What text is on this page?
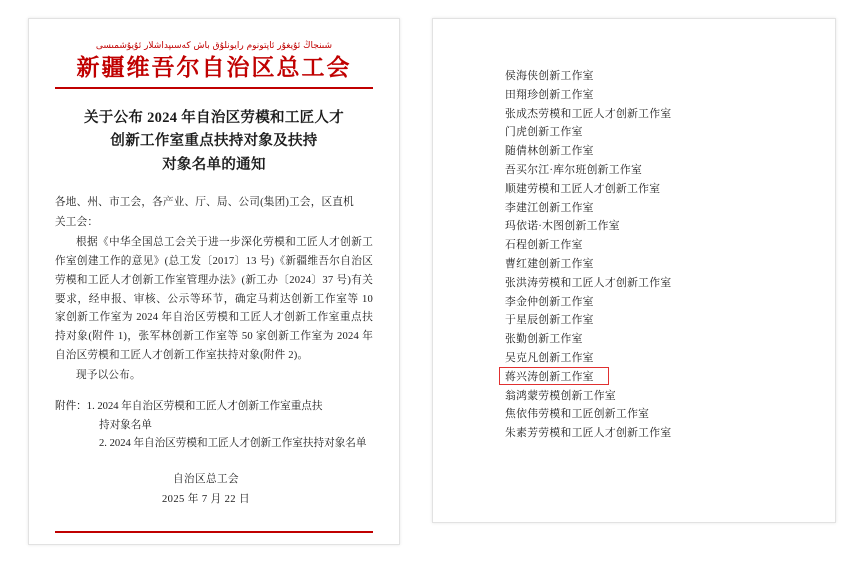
شىنجاڭ ئۇيغۇر ئاپتونوم رايونلۇق باش كەسىپداشلار ئۇيۇشمىسى
新疆维吾尔自治区总工会
关于公布 2024 年自治区劳模和工匠人才
创新工作室重点扶持对象及扶持
对象名单的通知

各地、州、市工会，各产业、厅、局、公司(集团)工会，区直机

关工会：

根据《中华全国总工会关于进一步深化劳模和工匠人才创新工作室创建工作的意见》(总工发〔2017〕13 号)《新疆维吾尔自治区劳模和工匠人才创新工作室管理办法》(新工办〔2024〕37 号)有关要求，经申报、审核、公示等环节，确定马莉达创新工作室等 10 家创新工作室为 2024 年自治区劳模和工匠人才创新工作室重点扶持对象(附件 1)，张军林创新工作室等 50 家创新工作室为 2024 年自治区劳模和工匠人才创新工作室扶持对象(附件 2)。

现予以公布。

附件：1. 2024 年自治区劳模和工匠人才创新工作室重点扶
持对象名单
2. 2024 年自治区劳模和工匠人才创新工作室扶持对象名单
自治区总工会
2025 年 7 月 22 日
侯海侠创新工作室
田翔珍创新工作室
张成杰劳模和工匠人才创新工作室
门虎创新工作室
随倩林创新工作室
吾买尔江·库尔班创新工作室
顺建劳模和工匠人才创新工作室
李建江创新工作室
玛依诺·木图创新工作室
石程创新工作室
曹红建创新工作室
张洪涛劳模和工匠人才创新工作室
李金仲创新工作室
于星辰创新工作室
张勤创新工作室
吴克凡创新工作室
蒋兴涛创新工作室
翁鸿蒙劳模创新工作室
焦依伟劳模和工匠创新工作室
朱素芳劳模和工匠人才创新工作室
